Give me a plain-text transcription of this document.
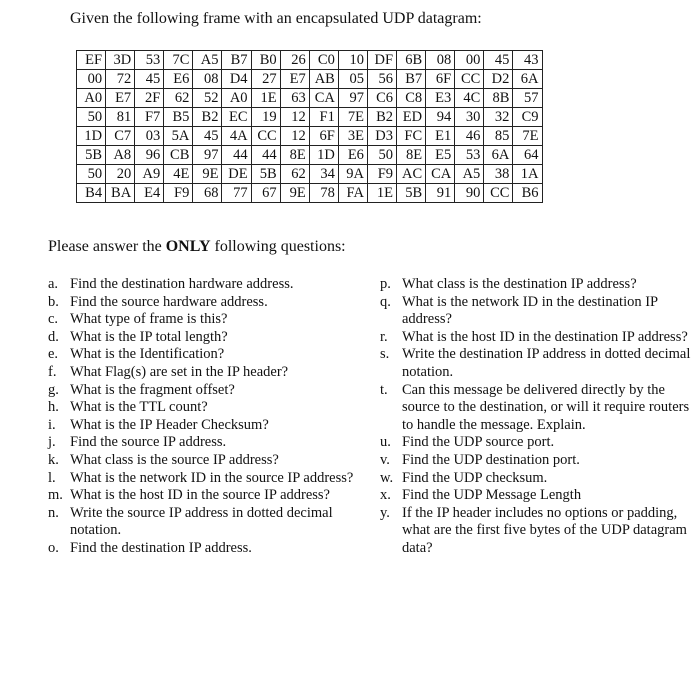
Given the following frame with an encapsulated UDP datagram:
EF	3D	53	7C	A5	B7	B0	26	C0	10	DF	6B	08	00	45	43
00	72	45	E6	08	D4	27	E7	AB	05	56	B7	6F	CC	D2	6A
A0	E7	2F	62	52	A0	1E	63	CA	97	C6	C8	E3	4C	8B	57
50	81	F7	B5	B2	EC	19	12	F1	7E	B2	ED	94	30	32	C9
1D	C7	03	5A	45	4A	CC	12	6F	3E	D3	FC	E1	46	85	7E
5B	A8	96	CB	97	44	44	8E	1D	E6	50	8E	E5	53	6A	64
50	20	A9	4E	9E	DE	5B	62	34	9A	F9	AC	CA	A5	38	1A
B4	BA	E4	F9	68	77	67	9E	78	FA	1E	5B	91	90	CC	B6
Please answer the ONLY following questions:
a. Find the destination hardware address.
b. Find the source hardware address.
c. What type of frame is this?
d. What is the IP total length?
e. What is the Identification?
f. What Flag(s) are set in the IP header?
g. What is the fragment offset?
h. What is the TTL count?
i. What is the IP Header Checksum?
j. Find the source IP address.
k. What class is the source IP address?
l. What is the network ID in the source IP address?
m. What is the host ID in the source IP address?
n. Write the source IP address in dotted decimal notation.
o. Find the destination IP address.
p. What class is the destination IP address?
q. What is the network ID in the destination IP address?
r. What is the host ID in the destination IP address?
s. Write the destination IP address in dotted decimal notation.
t. Can this message be delivered directly by the source to the destination, or will it require routers to handle the message. Explain.
u. Find the UDP source port.
v. Find the UDP destination port.
w. Find the UDP checksum.
x. Find the UDP Message Length
y. If the IP header includes no options or padding, what are the first five bytes of the UDP datagram data?
